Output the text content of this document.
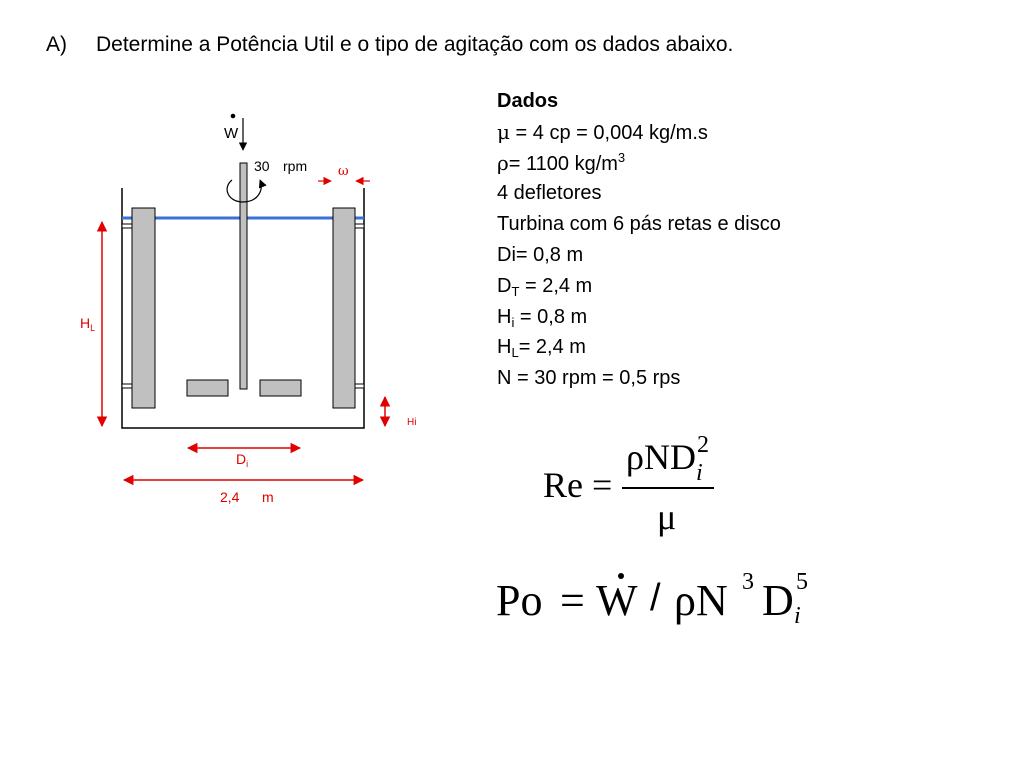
A) Determine a Potência Util e o tipo de agitação com os dados abaixo.
W
30 rpm ω
$H_L$
Hi
$D_i$
2,4 m
Dados
μ = 4 cp = 0,004 kg/m.s
ρ= 1100 $kg/m^3$
4 defletores
Turbina com 6 pás retas e disco
Di= 0,8 m
$D_T = 2,4$ m
$H_i = 0,8$ m
$H_L= 2,4$ m
N = 30 rpm = 0,5 rps
Re =
ρND 2
i
μ
Po = W / ρN 3 D 5
i
